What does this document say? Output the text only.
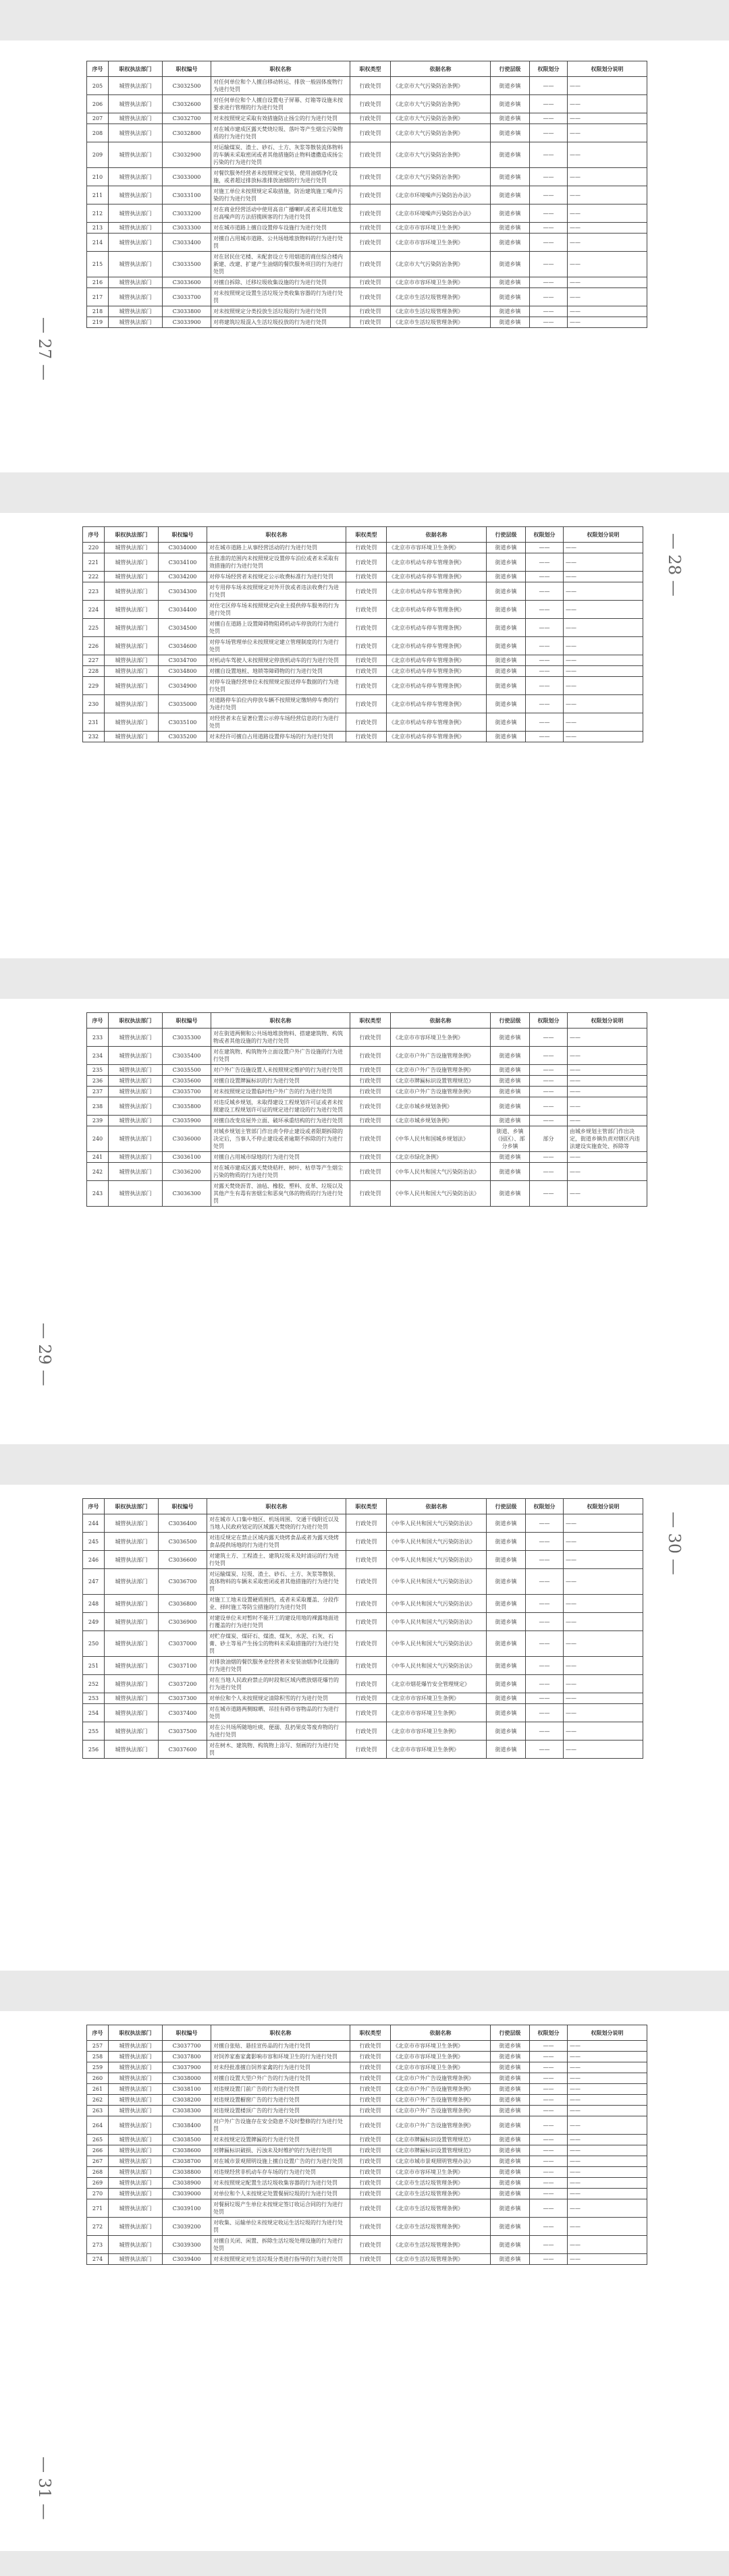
— 27 —
序号	职权执法部门	职权编号	职权名称	职权类型	依据名称	行使层级	权限划分	权限划分说明
205	城管执法部门	C3032500	对任何单位和个人擅自移动转运、排放一般固体废物行为进行处罚	行政处罚	《北京市大气污染防治条例》	街道乡镇	——	——
206	城管执法部门	C3032600	对任何单位和个人擅自设置电子屏幕、灯箱等设施未按要求进行管理的行为进行处罚	行政处罚	《北京市大气污染防治条例》	街道乡镇	——	——
207	城管执法部门	C3032700	对未按照规定采取有效措施防止扬尘的行为进行处罚	行政处罚	《北京市大气污染防治条例》	街道乡镇	——	——
208	城管执法部门	C3032800	对在城市建成区露天焚烧垃圾、落叶等产生烟尘污染物质的行为进行处罚	行政处罚	《北京市大气污染防治条例》	街道乡镇	——	——
209	城管执法部门	C3032900	对运输煤炭、渣土、砂石、土方、灰浆等散装流体物料的车辆未采取密闭或者其他措施防止物料遗撒造成扬尘污染的行为进行处罚	行政处罚	《北京市大气污染防治条例》	街道乡镇	——	——
210	城管执法部门	C3033000	对餐饮服务经营者未按照规定安装、使用油烟净化设施，或者超过排放标准排放油烟的行为进行处罚	行政处罚	《北京市大气污染防治条例》	街道乡镇	——	——
211	城管执法部门	C3033100	对施工单位未按照规定采取措施，防治建筑施工噪声污染的行为进行处罚	行政处罚	《北京市环境噪声污染防治办法》	街道乡镇	——	——
212	城管执法部门	C3033200	对在商业经营活动中使用高音广播喇叭或者采用其他发出高噪声的方法招揽顾客的行为进行处罚	行政处罚	《北京市环境噪声污染防治办法》	街道乡镇	——	——
213	城管执法部门	C3033300	对在城市道路上擅自设置停车设施行为进行处罚	行政处罚	《北京市市容环境卫生条例》	街道乡镇	——	——
214	城管执法部门	C3033400	对擅自占用城市道路、公共场地堆放物料的行为进行处罚	行政处罚	《北京市市容环境卫生条例》	街道乡镇	——	——
215	城管执法部门	C3033500	对在居民住宅楼、未配套设立专用烟道的商住综合楼内新建、改建、扩建产生油烟的餐饮服务项目的行为进行处罚	行政处罚	《北京市大气污染防治条例》	街道乡镇	——	——
216	城管执法部门	C3033600	对擅自拆除、迁移垃圾收集设施的行为进行处罚	行政处罚	《北京市市容环境卫生条例》	街道乡镇	——	——
217	城管执法部门	C3033700	对未按照规定设置生活垃圾分类收集容器的行为进行处罚	行政处罚	《北京市生活垃圾管理条例》	街道乡镇	——	——
218	城管执法部门	C3033800	对未按照规定分类投放生活垃圾的行为进行处罚	行政处罚	《北京市生活垃圾管理条例》	街道乡镇	——	——
219	城管执法部门	C3033900	对将建筑垃圾混入生活垃圾投放的行为进行处罚	行政处罚	《北京市生活垃圾管理条例》	街道乡镇	——	——
— 28 —
序号	职权执法部门	职权编号	职权名称	职权类型	依据名称	行使层级	权限划分	权限划分说明
220	城管执法部门	C3034000	对在城市道路上从事经营活动的行为进行处罚	行政处罚	《北京市市容环境卫生条例》	街道乡镇	——	——
221	城管执法部门	C3034100	在批准的范围内未按照规定设置停车泊位或者未采取有效措施的行为进行处罚	行政处罚	《北京市机动车停车管理条例》	街道乡镇	——	——
222	城管执法部门	C3034200	对停车场经营者未按规定公示收费标准行为进行处罚	行政处罚	《北京市机动车停车管理条例》	街道乡镇	——	——
223	城管执法部门	C3034300	对专用停车场未按照规定对外开放或者违法收费行为进行处罚	行政处罚	《北京市机动车停车管理条例》	街道乡镇	——	——
224	城管执法部门	C3034400	对住宅区停车场未按照规定向业主提供停车服务的行为进行处罚	行政处罚	《北京市机动车停车管理条例》	街道乡镇	——	——
225	城管执法部门	C3034500	对擅自在道路上设置障碍物阻碍机动车停放的行为进行处罚	行政处罚	《北京市机动车停车管理条例》	街道乡镇	——	——
226	城管执法部门	C3034600	对停车场管理单位未按照规定建立管理制度的行为进行处罚	行政处罚	《北京市机动车停车管理条例》	街道乡镇	——	——
227	城管执法部门	C3034700	对机动车驾驶人未按照规定停放机动车的行为进行处罚	行政处罚	《北京市机动车停车管理条例》	街道乡镇	——	——
228	城管执法部门	C3034800	对擅自设置地桩、地锁等障碍物的行为进行处罚	行政处罚	《北京市机动车停车管理条例》	街道乡镇	——	——
229	城管执法部门	C3034900	对停车设施经营单位未按照规定报送停车数据的行为进行处罚	行政处罚	《北京市机动车停车管理条例》	街道乡镇	——	——
230	城管执法部门	C3035000	对道路停车泊位内停放车辆不按照规定缴纳停车费的行为进行处罚	行政处罚	《北京市机动车停车管理条例》	街道乡镇	——	——
231	城管执法部门	C3035100	对经营者未在显著位置公示停车场经营信息的行为进行处罚	行政处罚	《北京市机动车停车管理条例》	街道乡镇	——	——
232	城管执法部门	C3035200	对未经许可擅自占用道路设置停车场的行为进行处罚	行政处罚	《北京市机动车停车管理条例》	街道乡镇	——	——
— 29 —
序号	职权执法部门	职权编号	职权名称	职权类型	依据名称	行使层级	权限划分	权限划分说明
233	城管执法部门	C3035300	对在街道两侧和公共场地堆放物料、搭建建筑物、构筑物或者其他设施的行为进行处罚	行政处罚	《北京市市容环境卫生条例》	街道乡镇	——	——
234	城管执法部门	C3035400	对在建筑物、构筑物外立面设置户外广告设施的行为进行处罚	行政处罚	《北京市户外广告设施管理条例》	街道乡镇	——	——
235	城管执法部门	C3035500	对户外广告设施设置人未按照规定维护的行为进行处罚	行政处罚	《北京市户外广告设施管理条例》	街道乡镇	——	——
236	城管执法部门	C3035600	对擅自设置牌匾标识的行为进行处罚	行政处罚	《北京市牌匾标识设置管理规范》	街道乡镇	——	——
237	城管执法部门	C3035700	对未按照规定设置临时性户外广告的行为进行处罚	行政处罚	《北京市户外广告设施管理条例》	街道乡镇	——	——
238	城管执法部门	C3035800	对违反城乡规划，未取得建设工程规划许可证或者未按照建设工程规划许可证的规定进行建设的行为进行处罚	行政处罚	《北京市城乡规划条例》	街道乡镇	——	——
239	城管执法部门	C3035900	对擅自改变房屋外立面、破坏承重结构的行为进行处罚	行政处罚	《北京市城乡规划条例》	街道乡镇	——	——
240	城管执法部门	C3036000	对城乡规划主管部门作出责令停止建设或者限期拆除的决定后，当事人不停止建设或者逾期不拆除的行为进行处罚	行政处罚	《中华人民共和国城乡规划法》	街道、乡镇（园区）、部分乡镇	部分	由城乡规划主管部门作出决定，街道乡镇负责对辖区内违法建设实施查处、拆除等
241	城管执法部门	C3036100	对擅自占用城市绿地的行为进行处罚	行政处罚	《北京市绿化条例》	街道乡镇	——	——
242	城管执法部门	C3036200	对在城市建成区露天焚烧秸秆、树叶、枯草等产生烟尘污染的物质的行为进行处罚	行政处罚	《中华人民共和国大气污染防治法》	街道乡镇	——	——
243	城管执法部门	C3036300	对露天焚烧沥青、油毡、橡胶、塑料、皮革、垃圾以及其他产生有毒有害烟尘和恶臭气体的物质的行为进行处罚	行政处罚	《中华人民共和国大气污染防治法》	街道乡镇	——	——
— 30 —
序号	职权执法部门	职权编号	职权名称	职权类型	依据名称	行使层级	权限划分	权限划分说明
244	城管执法部门	C3036400	对在城市人口集中地区、机场周围、交通干线附近以及当地人民政府划定的区域露天焚烧的行为进行处罚	行政处罚	《中华人民共和国大气污染防治法》	街道乡镇	——	——
245	城管执法部门	C3036500	对违反规定在禁止区域内露天烧烤食品或者为露天烧烤食品提供场地的行为进行处罚	行政处罚	《中华人民共和国大气污染防治法》	街道乡镇	——	——
246	城管执法部门	C3036600	对建筑土方、工程渣土、建筑垃圾未及时清运的行为进行处罚	行政处罚	《中华人民共和国大气污染防治法》	街道乡镇	——	——
247	城管执法部门	C3036700	对运输煤炭、垃圾、渣土、砂石、土方、灰浆等散装、流体物料的车辆未采取密闭或者其他措施的行为进行处罚	行政处罚	《中华人民共和国大气污染防治法》	街道乡镇	——	——
248	城管执法部门	C3036800	对施工工地未设置硬质围挡，或者未采取覆盖、分段作业、择时施工等防尘措施的行为进行处罚	行政处罚	《中华人民共和国大气污染防治法》	街道乡镇	——	——
249	城管执法部门	C3036900	对建设单位未对暂时不能开工的建设用地的裸露地面进行覆盖的行为进行处罚	行政处罚	《中华人民共和国大气污染防治法》	街道乡镇	——	——
250	城管执法部门	C3037000	对贮存煤炭、煤矸石、煤渣、煤灰、水泥、石灰、石膏、砂土等易产生扬尘的物料未采取措施的行为进行处罚	行政处罚	《中华人民共和国大气污染防治法》	街道乡镇	——	——
251	城管执法部门	C3037100	对排放油烟的餐饮服务业经营者未安装油烟净化设施的行为进行处罚	行政处罚	《中华人民共和国大气污染防治法》	街道乡镇	——	——
252	城管执法部门	C3037200	对在当地人民政府禁止的时段和区域内燃放烟花爆竹的行为进行处罚	行政处罚	《北京市烟花爆竹安全管理规定》	街道乡镇	——	——
253	城管执法部门	C3037300	对单位和个人未按照规定清除积雪的行为进行处罚	行政处罚	《北京市市容环境卫生条例》	街道乡镇	——	——
254	城管执法部门	C3037400	对在城市道路两侧晾晒、吊挂有碍市容物品的行为进行处罚	行政处罚	《北京市市容环境卫生条例》	街道乡镇	——	——
255	城管执法部门	C3037500	对在公共场所随地吐痰、便溺、乱扔果皮等废弃物的行为进行处罚	行政处罚	《北京市市容环境卫生条例》	街道乡镇	——	——
256	城管执法部门	C3037600	对在树木、建筑物、构筑物上涂写、刻画的行为进行处罚	行政处罚	《北京市市容环境卫生条例》	街道乡镇	——	——
— 31 —
序号	职权执法部门	职权编号	职权名称	职权类型	依据名称	行使层级	权限划分	权限划分说明
257	城管执法部门	C3037700	对擅自张贴、悬挂宣传品的行为进行处罚	行政处罚	《北京市市容环境卫生条例》	街道乡镇	——	——
258	城管执法部门	C3037800	对饲养家畜家禽影响市容和环境卫生的行为进行处罚	行政处罚	《北京市市容环境卫生条例》	街道乡镇	——	——
259	城管执法部门	C3037900	对未经批准擅自饲养家禽的行为进行处罚	行政处罚	《北京市市容环境卫生条例》	街道乡镇	——	——
260	城管执法部门	C3038000	对擅自设置大型户外广告的行为进行处罚	行政处罚	《北京市户外广告设施管理条例》	街道乡镇	——	——
261	城管执法部门	C3038100	对违规设置门前广告的行为进行处罚	行政处罚	《北京市户外广告设施管理条例》	街道乡镇	——	——
262	城管执法部门	C3038200	对违规设置橱窗广告的行为进行处罚	行政处罚	《北京市户外广告设施管理条例》	街道乡镇	——	——
263	城管执法部门	C3038300	对违规设置楼顶广告的行为进行处罚	行政处罚	《北京市户外广告设施管理条例》	街道乡镇	——	——
264	城管执法部门	C3038400	对户外广告设施存在安全隐患不及时整修的行为进行处罚	行政处罚	《北京市户外广告设施管理条例》	街道乡镇	——	——
265	城管执法部门	C3038500	对未按规定设置牌匾的行为进行处罚	行政处罚	《北京市牌匾标识设置管理规范》	街道乡镇	——	——
266	城管执法部门	C3038600	对牌匾标识破损、污浊未及时维护的行为进行处罚	行政处罚	《北京市牌匾标识设置管理规范》	街道乡镇	——	——
267	城管执法部门	C3038700	对在城市景观照明设施上擅自设置广告的行为进行处罚	行政处罚	《北京市城市景观照明管理办法》	街道乡镇	——	——
268	城管执法部门	C3038800	对违规经营非机动车存车场的行为进行处罚	行政处罚	《北京市市容环境卫生条例》	街道乡镇	——	——
269	城管执法部门	C3038900	对未按照规定配置生活垃圾收集容器的行为进行处罚	行政处罚	《北京市生活垃圾管理条例》	街道乡镇	——	——
270	城管执法部门	C3039000	对单位和个人未按规定处置餐厨垃圾的行为进行处罚	行政处罚	《北京市生活垃圾管理条例》	街道乡镇	——	——
271	城管执法部门	C3039100	对餐厨垃圾产生单位未按规定签订收运合同的行为进行处罚	行政处罚	《北京市生活垃圾管理条例》	街道乡镇	——	——
272	城管执法部门	C3039200	对收集、运输单位未按规定收运生活垃圾的行为进行处罚	行政处罚	《北京市生活垃圾管理条例》	街道乡镇	——	——
273	城管执法部门	C3039300	对擅自关闭、闲置、拆除生活垃圾处理设施的行为进行处罚	行政处罚	《北京市生活垃圾管理条例》	街道乡镇	——	——
274	城管执法部门	C3039400	对未按照规定对生活垃圾分类进行指导的行为进行处罚	行政处罚	《北京市生活垃圾管理条例》	街道乡镇	——	——
